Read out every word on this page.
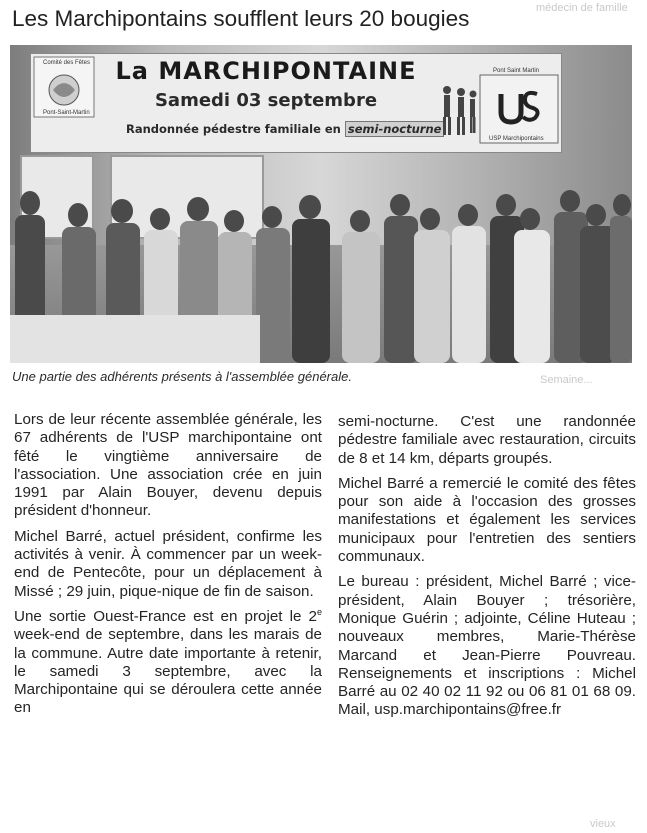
Les Marchipontains soufflent leurs 20 bougies	médecin de famille
Comité des Fêtes
Pont-Saint-Martin
La MARCHIPONTAINE
Samedi 03 septembre
Randonnée pédestre familiale en semi-nocturne
Pont Saint Martin
USP Marchipontains
Une partie des adhérents présents à l'assemblée générale.

Lors de leur récente assemblée générale, les 67 adhérents de l'USP marchipontaine ont fêté le vingtième anniversaire de l'association. Une association crée en juin 1991 par Alain Bouyer, devenu depuis président d'honneur.

Michel Barré, actuel président, confirme les activités à venir. À commencer par un week-end de Pentecôte, pour un déplacement à Missé ; 29 juin, pique-nique de fin de saison.

Une sortie Ouest-France est en projet le 2e week-end de septembre, dans les marais de la commune. Autre date importante à retenir, le samedi 3 septembre, avec la Marchipontaine qui se déroulera cette année en

semi-nocturne. C'est une randonnée pédestre familiale avec restauration, circuits de 8 et 14 km, départs groupés.

Michel Barré a remercié le comité des fêtes pour son aide à l'occasion des grosses manifestations et également les services municipaux pour l'entretien des sentiers communaux.

Le bureau : président, Michel Barré ; vice-président, Alain Bouyer ; trésorière, Monique Guérin ; adjointe, Céline Huteau ; nouveaux membres, Marie-Thérèse Marcand et Jean-Pierre Pouvreau. Renseignements et inscriptions : Michel Barré au 02 40 02 11 92 ou 06 81 01 68 09. Mail, usp.marchipontains@free.fr

Semaine...
vieux
